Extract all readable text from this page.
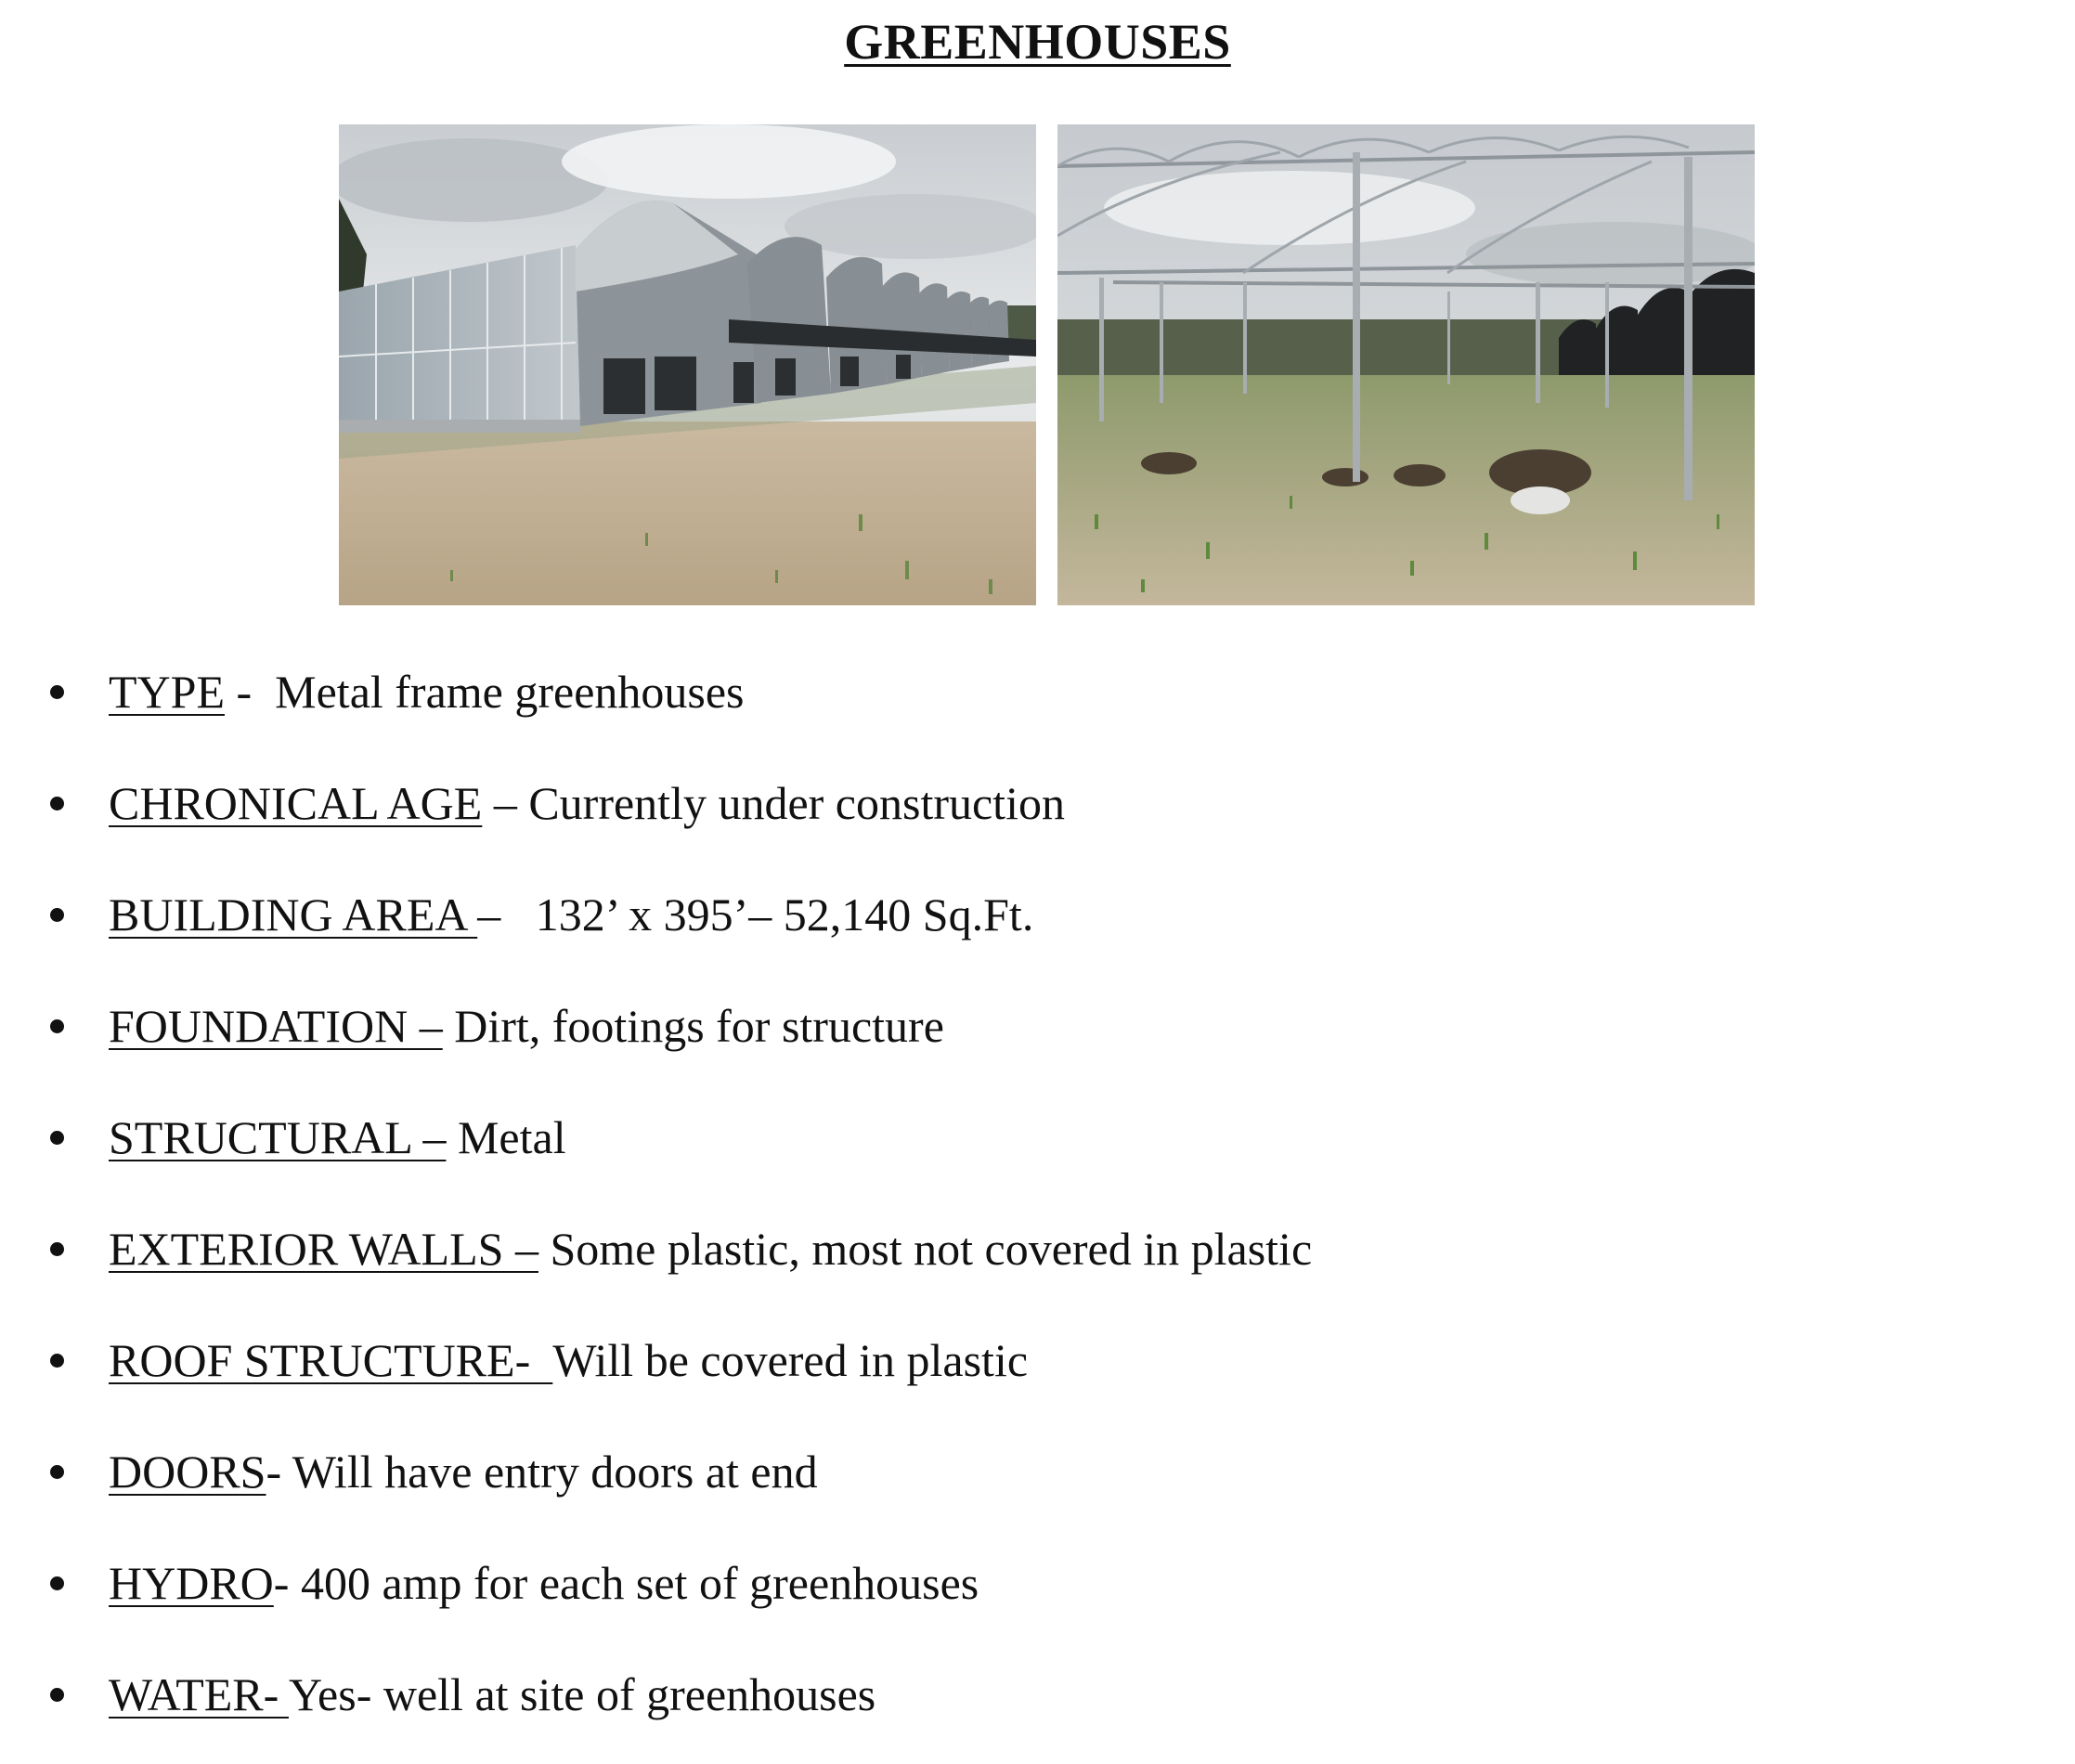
GREENHOUSES
TYPE -  Metal frame greenhouses
CHRONICAL AGE – Currently under construction
BUILDING AREA –   132’ x 395’– 52,140 Sq.Ft.
FOUNDATION – Dirt, footings for structure
STRUCTURAL – Metal
EXTERIOR WALLS – Some plastic, most not covered in plastic
ROOF STRUCTURE-  Will be covered in plastic
DOORS- Will have entry doors at end
HYDRO- 400 amp for each set of greenhouses
WATER- Yes- well at site of greenhouses
